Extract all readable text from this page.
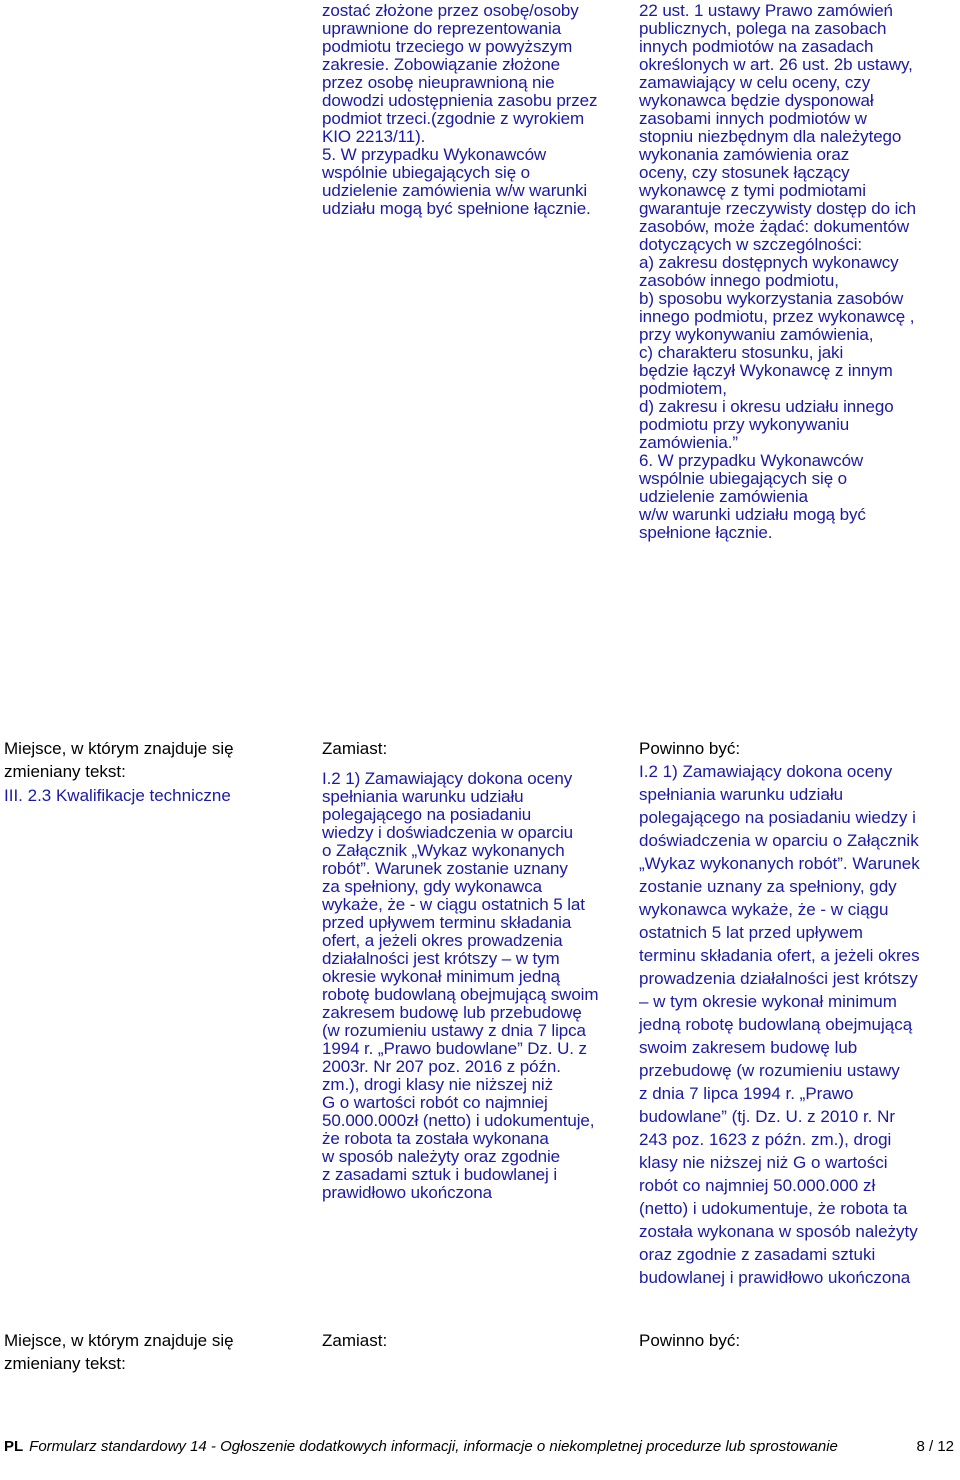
zostać złożone przez osobę/osoby
uprawnione do reprezentowania
podmiotu trzeciego w powyższym
zakresie. Zobowiązanie złożone
przez osobę nieuprawnioną nie
dowodzi udostępnienia zasobu przez
podmiot trzeci.(zgodnie z wyrokiem
KIO 2213/11).
5. W przypadku Wykonawców
wspólnie ubiegających się o
udzielenie zamówienia w/w warunki
udziału mogą być spełnione łącznie.
22 ust. 1 ustawy Prawo zamówień
publicznych, polega na zasobach
innych podmiotów na zasadach
określonych w art. 26 ust. 2b ustawy,
zamawiający w celu oceny, czy
wykonawca będzie dysponował
zasobami innych podmiotów w
stopniu niezbędnym dla należytego
wykonania zamówienia oraz
oceny, czy stosunek łączący
wykonawcę z tymi podmiotami
gwarantuje rzeczywisty dostęp do ich
zasobów, może żądać: dokumentów
dotyczących w szczególności:
a) zakresu dostępnych wykonawcy
zasobów innego podmiotu,
b) sposobu wykorzystania zasobów
innego podmiotu, przez wykonawcę ,
przy wykonywaniu zamówienia,
c) charakteru stosunku, jaki
będzie łączył Wykonawcę z innym
podmiotem,
d) zakresu i okresu udziału innego
podmiotu przy wykonywaniu
zamówienia.”
6. W przypadku Wykonawców
wspólnie ubiegających się o
udzielenie zamówienia
w/w warunki udziału mogą być
spełnione łącznie.
Miejsce, w którym znajduje się
zmieniany tekst:
III. 2.3 Kwalifikacje techniczne
Zamiast:
I.2 1) Zamawiający dokona oceny
spełniania warunku udziału
polegającego na posiadaniu
wiedzy i doświadczenia w oparciu
o Załącznik „Wykaz wykonanych
robót”. Warunek zostanie uznany
za spełniony, gdy wykonawca
wykaże, że - w ciągu ostatnich 5 lat
przed upływem terminu składania
ofert, a jeżeli okres prowadzenia
działalności jest krótszy – w tym
okresie wykonał minimum jedną
robotę budowlaną obejmującą swoim
zakresem budowę lub przebudowę
(w rozumieniu ustawy z dnia 7 lipca
1994 r. „Prawo budowlane” Dz. U. z
2003r. Nr 207 poz. 2016 z późn.
zm.), drogi klasy nie niższej niż
G o wartości robót co najmniej
50.000.000zł (netto) i udokumentuje,
że robota ta została wykonana
w sposób należyty oraz zgodnie
z zasadami sztuk i budowlanej i
prawidłowo ukończona
Powinno być:
I.2 1) Zamawiający dokona oceny
spełniania warunku udziału
polegającego na posiadaniu wiedzy i
doświadczenia w oparciu o Załącznik
„Wykaz wykonanych robót”. Warunek
zostanie uznany za spełniony, gdy
wykonawca wykaże, że - w ciągu
ostatnich 5 lat przed upływem
terminu składania ofert, a jeżeli okres
prowadzenia działalności jest krótszy
– w tym okresie wykonał minimum
jedną robotę budowlaną obejmującą
swoim zakresem budowę lub
przebudowę (w rozumieniu ustawy
z dnia 7 lipca 1994 r. „Prawo
budowlane” (tj. Dz. U. z 2010 r. Nr
243 poz. 1623 z późn. zm.), drogi
klasy nie niższej niż G o wartości
robót co najmniej 50.000.000 zł
(netto) i udokumentuje, że robota ta
została wykonana w sposób należyty
oraz zgodnie z zasadami sztuki
budowlanej i prawidłowo ukończona
Miejsce, w którym znajduje się
zmieniany tekst:
Zamiast:	Powinno być:
PL Formularz standardowy 14 - Ogłoszenie dodatkowych informacji, informacje o niekompletnej procedurze lub sprostowanie	8 / 12
